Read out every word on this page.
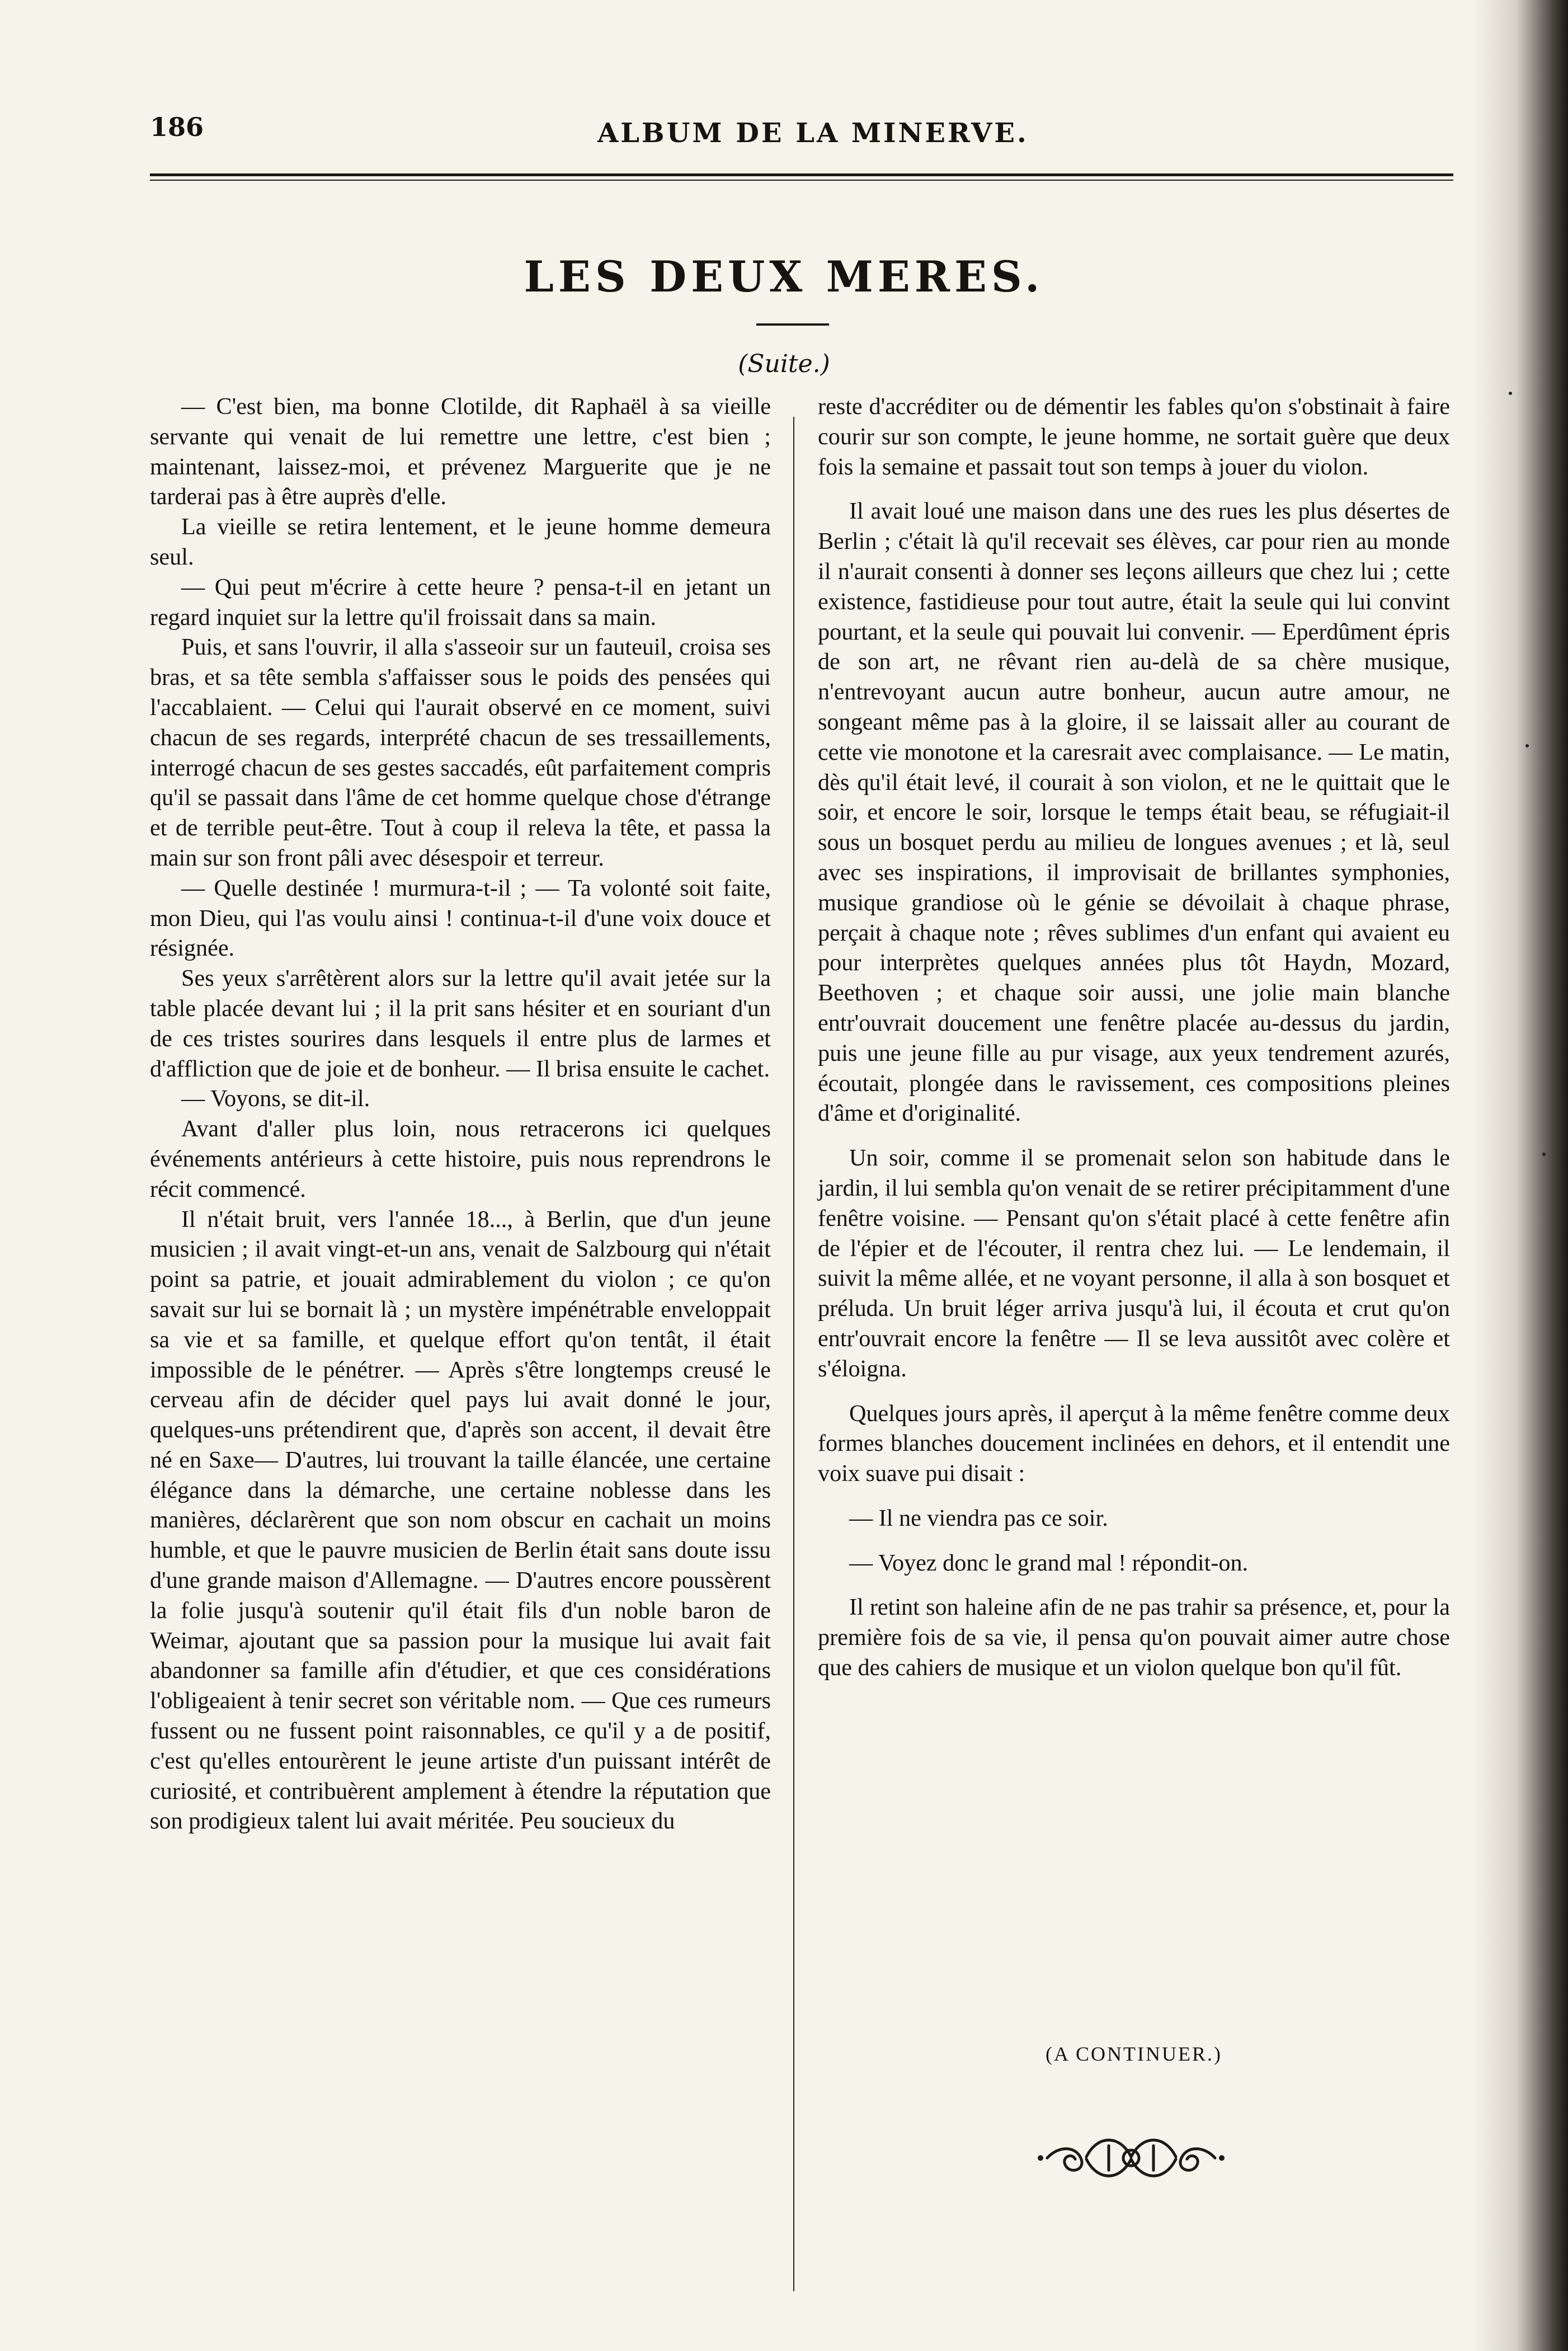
186	ALBUM DE LA MINERVE.
LES DEUX MERES.
(Suite.)

— C'est bien, ma bonne Clotilde, dit Raphaël à sa vieille servante qui venait de lui remettre une lettre, c'est bien ; maintenant, laissez-moi, et prévenez Marguerite que je ne tarderai pas à être auprès d'elle.

La vieille se retira lentement, et le jeune homme demeura seul.

— Qui peut m'écrire à cette heure ? pensa-t-il en jetant un regard inquiet sur la lettre qu'il froissait dans sa main.

Puis, et sans l'ouvrir, il alla s'asseoir sur un fauteuil, croisa ses bras, et sa tête sembla s'affaisser sous le poids des pensées qui l'accablaient. — Celui qui l'aurait observé en ce moment, suivi chacun de ses regards, interprété chacun de ses tressaillements, interrogé chacun de ses gestes saccadés, eût parfaitement compris qu'il se passait dans l'âme de cet homme quelque chose d'étrange et de terrible peut-être. Tout à coup il releva la tête, et passa la main sur son front pâli avec désespoir et terreur.

— Quelle destinée ! murmura-t-il ; — Ta volonté soit faite, mon Dieu, qui l'as voulu ainsi ! continua-t-il d'une voix douce et résignée.

Ses yeux s'arrêtèrent alors sur la lettre qu'il avait jetée sur la table placée devant lui ; il la prit sans hésiter et en souriant d'un de ces tristes sourires dans lesquels il entre plus de larmes et d'affliction que de joie et de bonheur. — Il brisa ensuite le cachet.

— Voyons, se dit-il.

Avant d'aller plus loin, nous retracerons ici quelques événements antérieurs à cette histoire, puis nous reprendrons le récit commencé.

Il n'était bruit, vers l'année 18..., à Berlin, que d'un jeune musicien ; il avait vingt-et-un ans, venait de Salzbourg qui n'était point sa patrie, et jouait admirablement du violon ; ce qu'on savait sur lui se bornait là ; un mystère impénétrable enveloppait sa vie et sa famille, et quelque effort qu'on tentât, il était impossible de le pénétrer. — Après s'être longtemps creusé le cerveau afin de décider quel pays lui avait donné le jour, quelques-uns prétendirent que, d'après son accent, il devait être né en Saxe— D'autres, lui trouvant la taille élancée, une certaine élégance dans la démarche, une certaine noblesse dans les manières, déclarèrent que son nom obscur en cachait un moins humble, et que le pauvre musicien de Berlin était sans doute issu d'une grande maison d'Allemagne. — D'autres encore poussèrent la folie jusqu'à soutenir qu'il était fils d'un noble baron de Weimar, ajoutant que sa passion pour la musique lui avait fait abandonner sa famille afin d'étudier, et que ces considérations l'obligeaient à tenir secret son véritable nom. — Que ces rumeurs fussent ou ne fussent point raisonnables, ce qu'il y a de positif, c'est qu'elles entourèrent le jeune artiste d'un puissant intérêt de curiosité, et contribuèrent amplement à étendre la réputation que son prodigieux talent lui avait méritée. Peu soucieux du

reste d'accréditer ou de démentir les fables qu'on s'obstinait à faire courir sur son compte, le jeune homme, ne sortait guère que deux fois la semaine et passait tout son temps à jouer du violon.

Il avait loué une maison dans une des rues les plus désertes de Berlin ; c'était là qu'il recevait ses élèves, car pour rien au monde il n'aurait consenti à donner ses leçons ailleurs que chez lui ; cette existence, fastidieuse pour tout autre, était la seule qui lui convint pourtant, et la seule qui pouvait lui convenir. — Eperdûment épris de son art, ne rêvant rien au-delà de sa chère musique, n'entrevoyant aucun autre bonheur, aucun autre amour, ne songeant même pas à la gloire, il se laissait aller au courant de cette vie monotone et la caresrait avec complaisance. — Le matin, dès qu'il était levé, il courait à son violon, et ne le quittait que le soir, et encore le soir, lorsque le temps était beau, se réfugiait-il sous un bosquet perdu au milieu de longues avenues ; et là, seul avec ses inspirations, il improvisait de brillantes symphonies, musique grandiose où le génie se dévoilait à chaque phrase, perçait à chaque note ; rêves sublimes d'un enfant qui avaient eu pour interprètes quelques années plus tôt Haydn, Mozard, Beethoven ; et chaque soir aussi, une jolie main blanche entr'ouvrait doucement une fenêtre placée au-dessus du jardin, puis une jeune fille au pur visage, aux yeux tendrement azurés, écoutait, plongée dans le ravissement, ces compositions pleines d'âme et d'originalité.

Un soir, comme il se promenait selon son habitude dans le jardin, il lui sembla qu'on venait de se retirer précipitamment d'une fenêtre voisine. — Pensant qu'on s'était placé à cette fenêtre afin de l'épier et de l'écouter, il rentra chez lui. — Le lendemain, il suivit la même allée, et ne voyant personne, il alla à son bosquet et préluda. Un bruit léger arriva jusqu'à lui, il écouta et crut qu'on entr'ouvrait encore la fenêtre — Il se leva aussitôt avec colère et s'éloigna.

Quelques jours après, il aperçut à la même fenêtre comme deux formes blanches doucement inclinées en dehors, et il entendit une voix suave pui disait :

— Il ne viendra pas ce soir.

— Voyez donc le grand mal ! répondit-on.

Il retint son haleine afin de ne pas trahir sa présence, et, pour la première fois de sa vie, il pensa qu'on pouvait aimer autre chose que des cahiers de musique et un violon quelque bon qu'il fût.

(A CONTINUER.)
